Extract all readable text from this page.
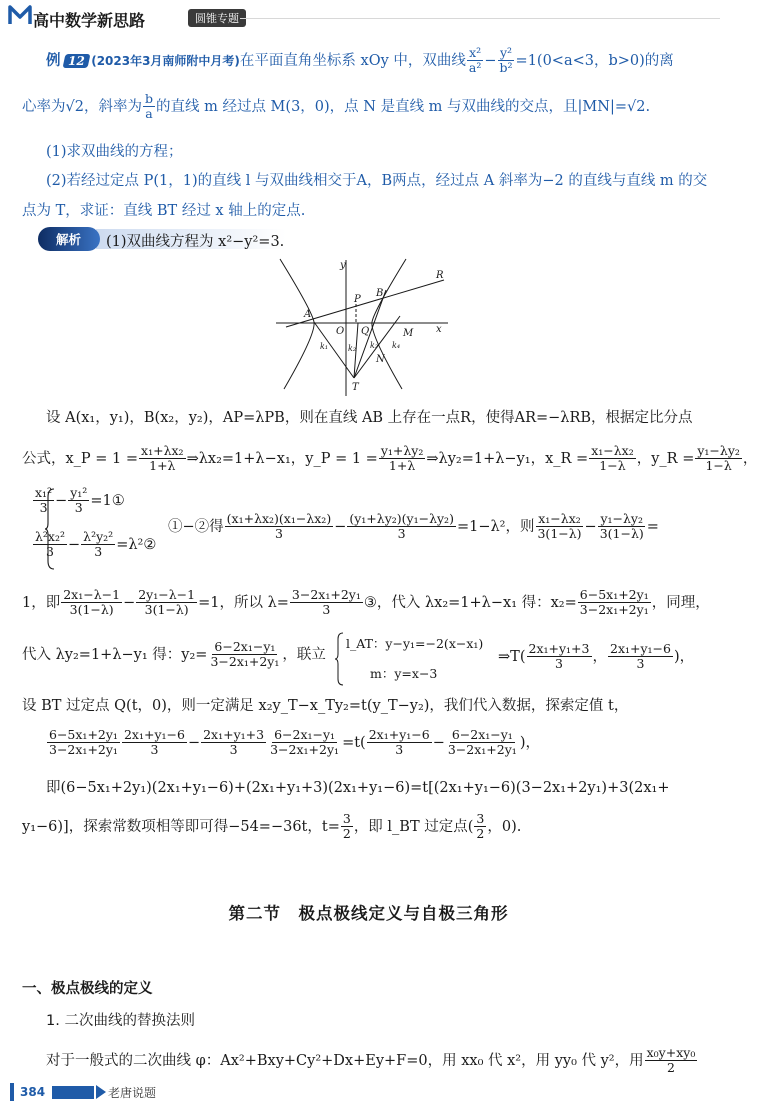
高中数学新思路	圆锥专题
例 12 (2023年3月南师附中月考)在平面直角坐标系 xOy 中，双曲线 $\frac{\text{x²}}{\text{a²}} - \frac{\text{y²}}{\text{b²}} =1(0<a<3$，b>0)的离
心率为√2，斜率为 $\frac{b}{a}$ 的直线 m 经过点 M(3，0)，点 N 是直线 m 与双曲线的交点，且|MN|=√2.
(1)求双曲线的方程；
(2)若经过定点 P(1，1)的直线 l 与双曲线相交于A，B两点，经过点 A 斜率为−2 的直线与直线 m 的交
点为 T，求证：直线 BT 经过 x 轴上的定点.
解析 (1)双曲线方程为 x²−y²=3.
y
R
P
B
A
O Q	M x
N
k₁ k₂ k₃ k₄
T
设 A(x₁，y₁)，B(x₂，y₂)，AP=λPB，则在直线 AB 上存在一点R，使得AR=−λRB，根据定比分点
公式，x_P = $1 = \frac{\text{x₁+λx₂}}{1+\lambda}$ ⇒λx₂=1+λ−x₁，y_P = $1 = \frac{\text{y₁+λy₂}}{1+\lambda}$ ⇒λy₂=1+λ−y₁，x_R = $\frac{\text{x₁−λx₂}}{1-\lambda}$ ，y_R = $\frac{\text{y₁−λy₂}}{1-\lambda}$ ，
$\frac{\text{x₁²}}{3} - \frac{\text{y₁²}}{3}$ =1①
$\frac{\text{λ²x₂²}}{3} - \frac{\text{λ²y₂²}}{3}$ =λ²②
①−②得 $\frac{\text{(x₁+λx₂)(x₁−λx₂)}}{3} - \frac{\text{(y₁+λy₂)(y₁−λy₂)}}{3} =1-\lambda^2$，则 $\frac{\text{x₁−λx₂}}{3(1-\lambda)} - \frac{\text{y₁−λy₂}}{3(1-\lambda)}$ =
1，即 $\frac{\text{2x₁−λ−1}}{3(1-\lambda)} - \frac{\text{2y₁−λ−1}}{3(1-\lambda)} =1$，所以 $\lambda= \frac{\text{3−2x₁+2y₁}}{3}$ ③，代入 λx₂=1+λ−x₁ 得：$x_2= \frac{\text{6−5x₁+2y₁}}{\text{3−2x₁+2y₁}}$ ，同理，
代入 λy₂=1+λ−y₁ 得：$y_2= \frac{\text{6−2x₁−y₁}}{\text{3−2x₁+2y₁}}$ ，联立
l_AT：y−y₁=−2(x−x₁)
m：y=x−3
⇒T( $\frac{\text{2x₁+y₁+3}}{3}$ ， $\frac{\text{2x₁+y₁−6}}{3}$ )，
设 BT 过定点 Q(t，0)，则一定满足 x₂y_T−x_Ty₂=t(y_T−y₂)，我们代入数据，探索定值 t，
$\frac{\text{6−5x₁+2y₁}}{\text{3−2x₁+2y₁}} \frac{\text{2x₁+y₁−6}}{3} - \frac{\text{2x₁+y₁+3}}{3} \frac{\text{6−2x₁−y₁}}{\text{3−2x₁+2y₁}} =t( \frac{\text{2x₁+y₁−6}}{3} - \frac{\text{6−2x₁−y₁}}{\text{3−2x₁+2y₁}}$ )，
即(6−5x₁+2y₁)(2x₁+y₁−6)+(2x₁+y₁+3)(2x₁+y₁−6)=t[(2x₁+y₁−6)(3−2x₁+2y₁)+3(2x₁+
y₁−6)]，探索常数项相等即可得−54=−36t，$t= \frac{3}{2}$ ，即 l_BT 过定点( $\frac{3}{2}$ ，0).
第二节　极点极线定义与自极三角形
一、极点极线的定义
1. 二次曲线的替换法则
对于一般式的二次曲线 φ：Ax²+Bxy+Cy²+Dx+Ey+F=0，用 xx₀ 代 x²，用 yy₀ 代 y²，用 $\frac{\text{x₀y+xy₀}}{2}$
384	老唐说题
